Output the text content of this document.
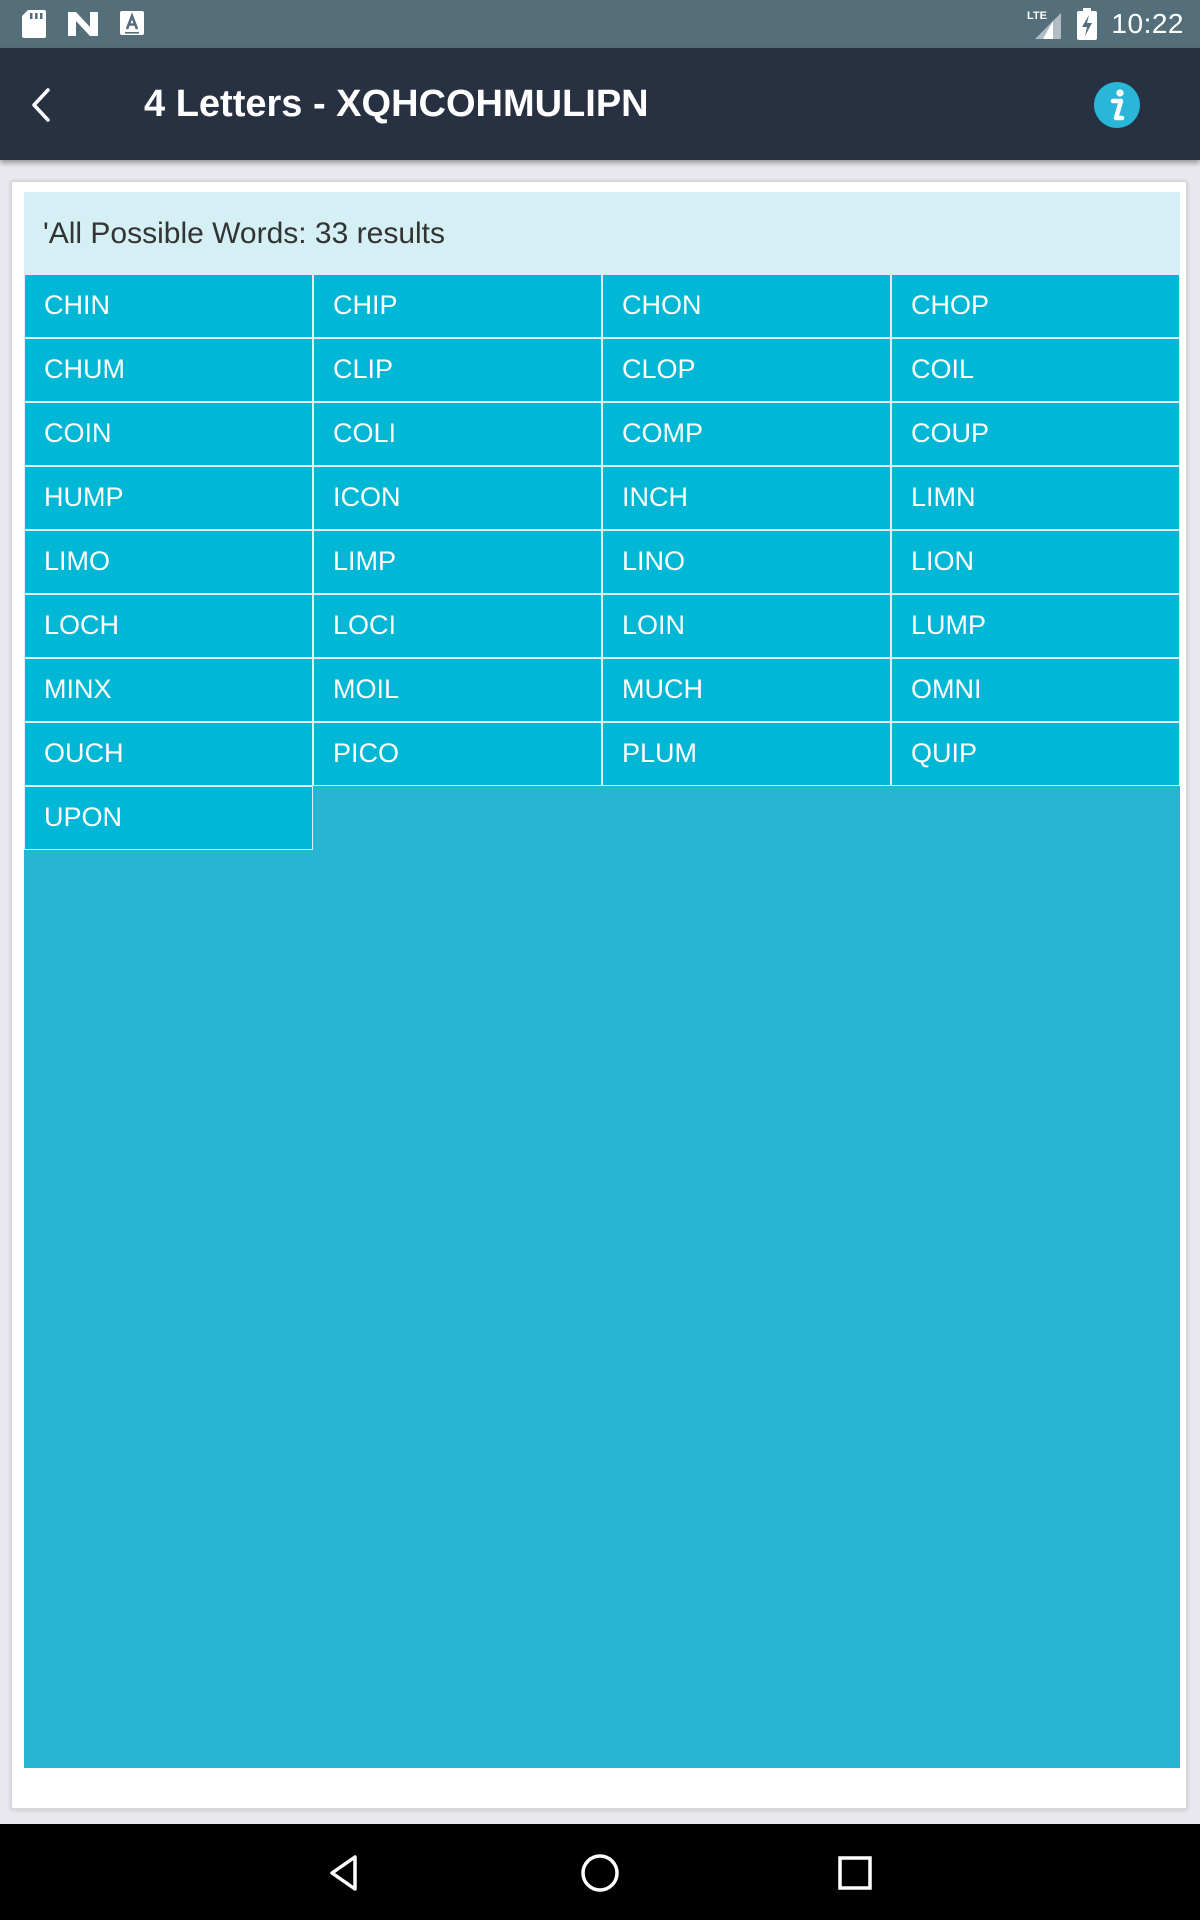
LTE 10:22
4 Letters - XQHCOHMULIPN
'All Possible Words: 33 results
CHIN	CHIP	CHON	CHOP
CHUM	CLIP	CLOP	COIL
COIN	COLI	COMP	COUP
HUMP	ICON	INCH	LIMN
LIMO	LIMP	LINO	LION
LOCH	LOCI	LOIN	LUMP
MINX	MOIL	MUCH	OMNI
OUCH	PICO	PLUM	QUIP
UPON
